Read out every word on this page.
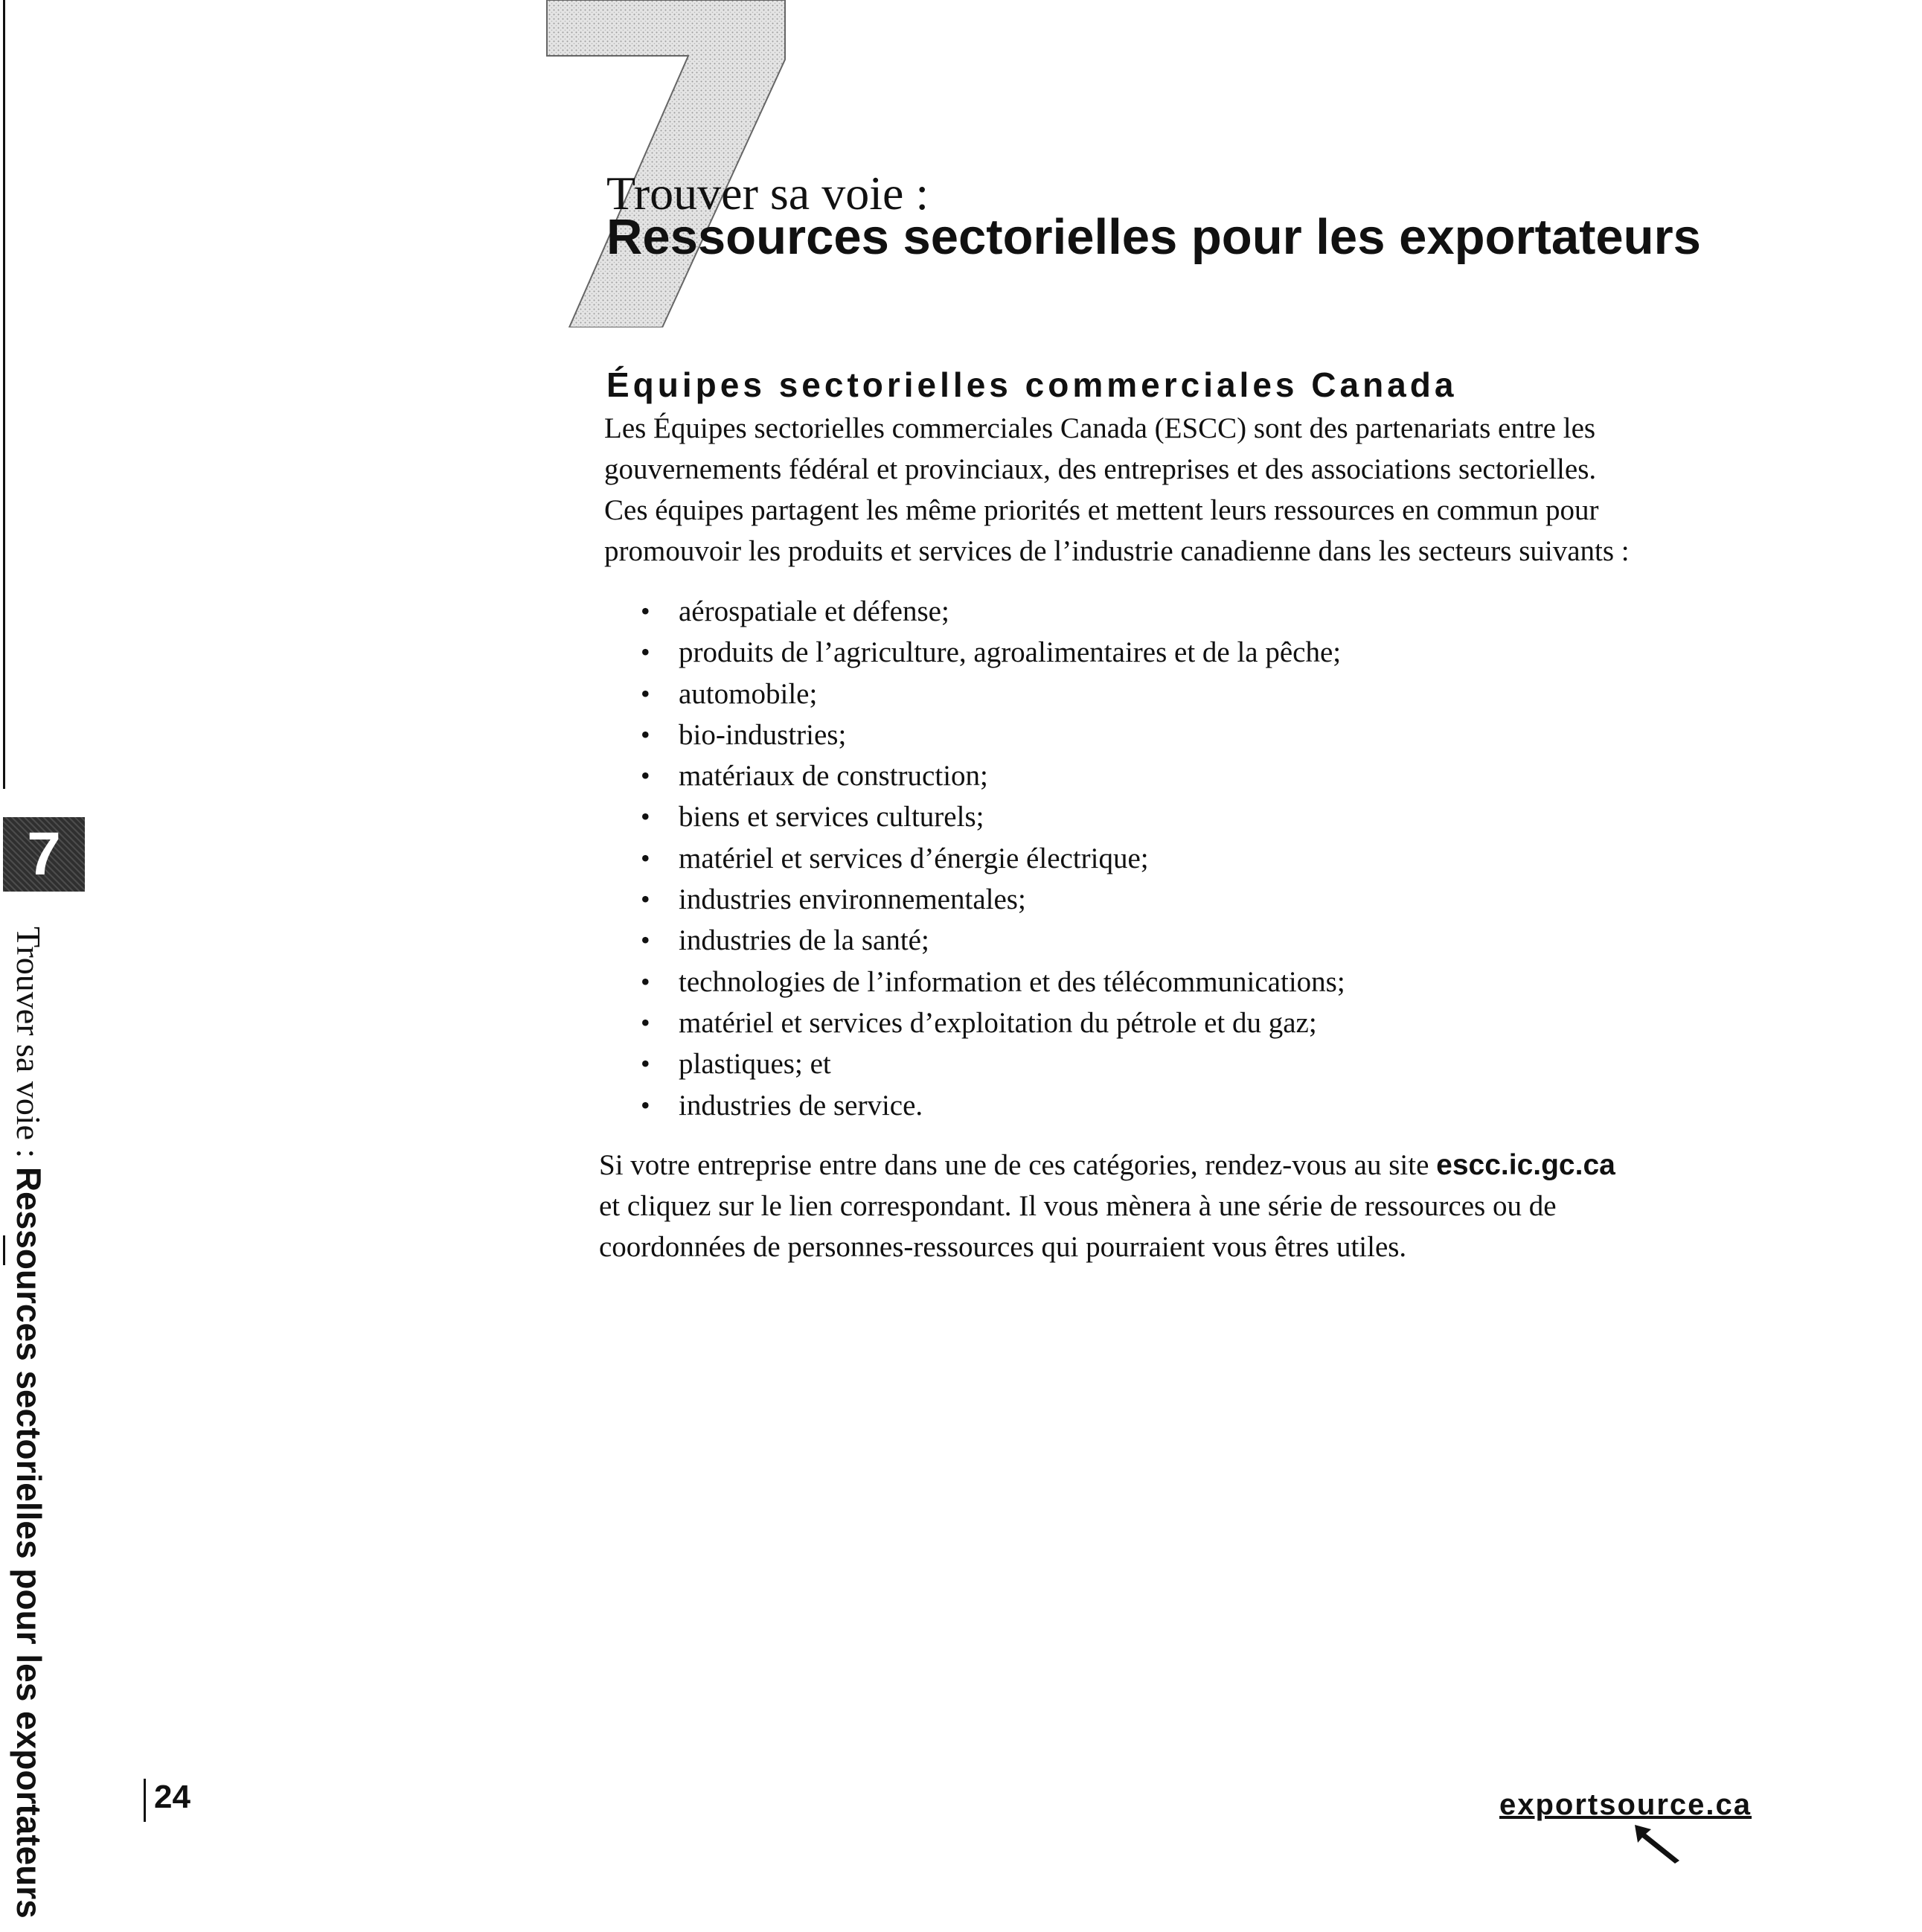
7
Trouver sa voie : Ressources sectorielles pour les exportateurs
Trouver sa voie :
Ressources sectorielles pour les exportateurs
Équipes sectorielles commerciales Canada

Les Équipes sectorielles commerciales Canada (ESCC) sont des partenariats entre les

gouvernements fédéral et provinciaux, des entreprises et des associations sectorielles.

Ces équipes partagent les même priorités et mettent leurs ressources en commun pour

promouvoir les produits et services de l’industrie canadienne dans les secteurs suivants :

• aérospatiale et défense;
• produits de l’agriculture, agroalimentaires et de la pêche;
• automobile;
• bio-industries;
• matériaux de construction;
• biens et services culturels;
• matériel et services d’énergie électrique;
• industries environnementales;
• industries de la santé;
• technologies de l’information et des télécommunications;
• matériel et services d’exploitation du pétrole et du gaz;
• plastiques; et
• industries de service.

Si votre entreprise entre dans une de ces catégories, rendez-vous au site escc.ic.gc.ca

et cliquez sur le lien correspondant. Il vous mènera à une série de ressources ou de

coordonnées de personnes-ressources qui pourraient vous êtres utiles.

24	exportsource.ca
